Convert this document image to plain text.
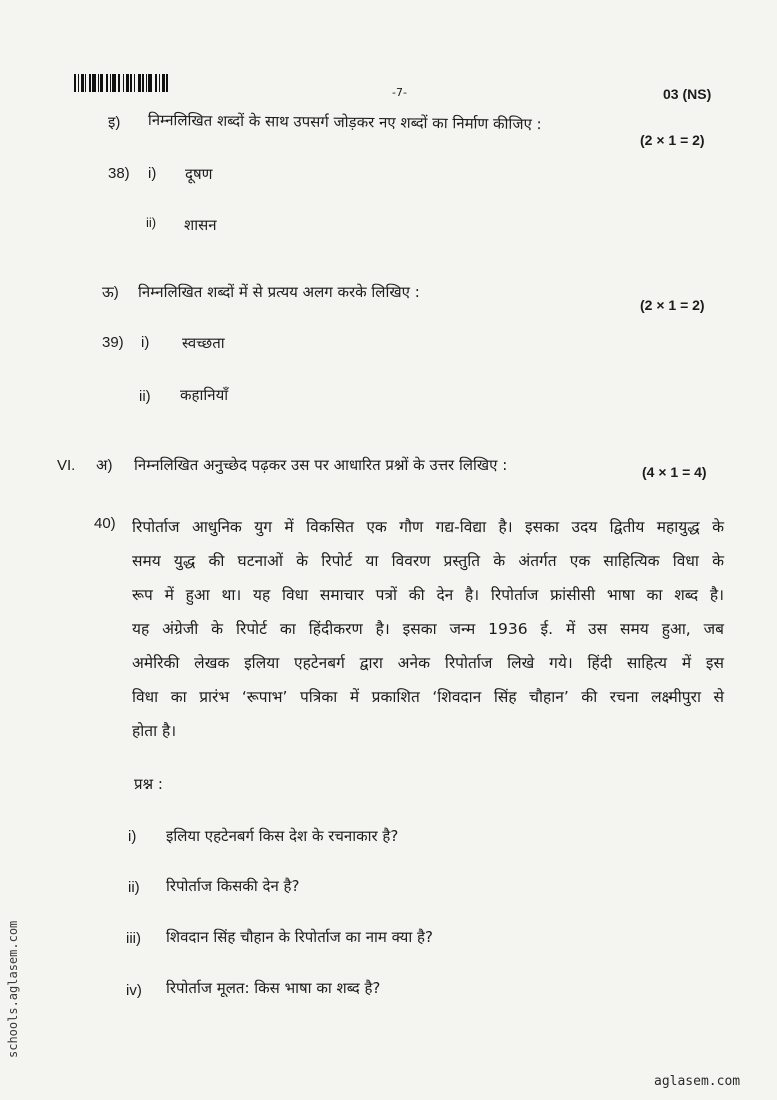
-7-	03 (NS)
इ) निम्नलिखित शब्दों के साथ उपसर्ग जोड़कर नए शब्दों का निर्माण कीजिए :
(2 × 1 = 2)
38) i) दूषण
ii) शासन
ऊ) निम्नलिखित शब्दों में से प्रत्यय अलग करके लिखिए :
(2 × 1 = 2)
39) i) स्वच्छता
ii) कहानियाँ
VI. अ) निम्नलिखित अनुच्छेद पढ़कर उस पर आधारित प्रश्नों के उत्तर लिखिए :	(4 × 1 = 4)
40) रिपोर्ताज आधुनिक युग में विकसित एक गौण गद्य-विद्या है। इसका उदय द्वितीय महायुद्ध के
समय युद्ध की घटनाओं के रिपोर्ट या विवरण प्रस्तुति के अंतर्गत एक साहित्यिक विधा के
रूप में हुआ था। यह विधा समाचार पत्रों की देन है। रिपोर्ताज फ्रांसीसी भाषा का शब्द है।
यह अंग्रेजी के रिपोर्ट का हिंदीकरण है। इसका जन्म 1936 ई. में उस समय हुआ, जब
अमेरिकी लेखक इलिया एहटेनबर्ग द्वारा अनेक रिपोर्ताज लिखे गये। हिंदी साहित्य में इस
विधा का प्रारंभ ‘रूपाभ’ पत्रिका में प्रकाशित ‘शिवदान सिंह चौहान’ की रचना लक्ष्मीपुरा से
होता है।
प्रश्न :
i) इलिया एहटेनबर्ग किस देश के रचनाकार है?
ii) रिपोर्ताज किसकी देन है?
iii) शिवदान सिंह चौहान के रिपोर्ताज का नाम क्या है?
iv) रिपोर्ताज मूलत: किस भाषा का शब्द है?
schools.aglasem.com
aglasem.com
